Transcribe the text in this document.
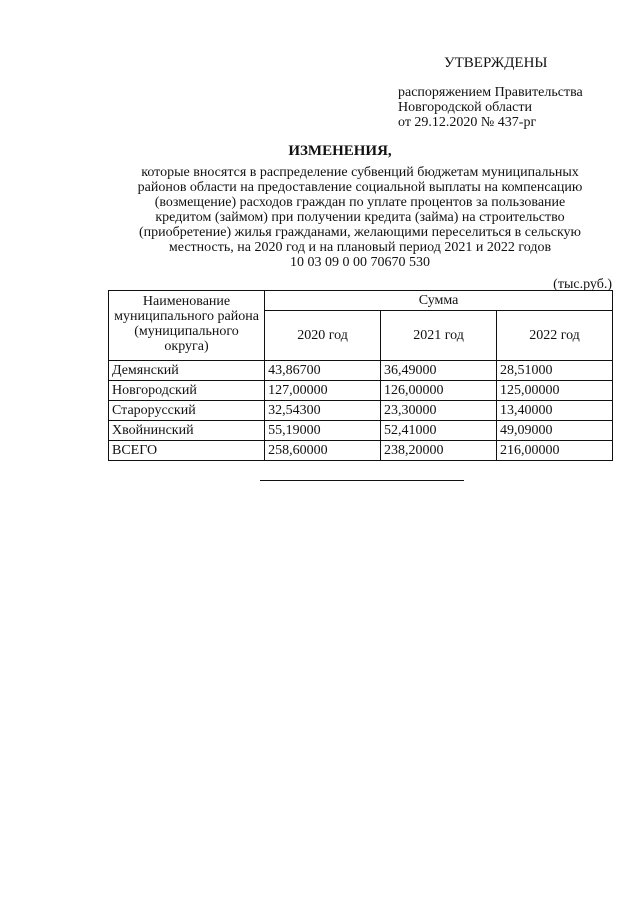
УТВЕРЖДЕНЫ
распоряжением Правительства
Новгородской области
от 29.12.2020 № 437-рг
ИЗМЕНЕНИЯ,
которые вносятся в распределение субвенций бюджетам муниципальных
районов области на предоставление социальной выплаты на компенсацию
(возмещение) расходов граждан по уплате процентов за пользование
кредитом (займом) при получении кредита (займа) на строительство
(приобретение) жилья гражданами, желающими переселиться в сельскую
местность, на 2020 год и на плановый период 2021 и 2022 годов
10 03 09 0 00 70670 530
(тыс.руб.)
Наименование муниципального района (муниципального округа)	Сумма		
	2020 год	2021 год	2022 год
Демянский	43,86700	36,49000	28,51000
Новгородский	127,00000	126,00000	125,00000
Старорусский	32,54300	23,30000	13,40000
Хвойнинский	55,19000	52,41000	49,09000
ВСЕГО	258,60000	238,20000	216,00000
